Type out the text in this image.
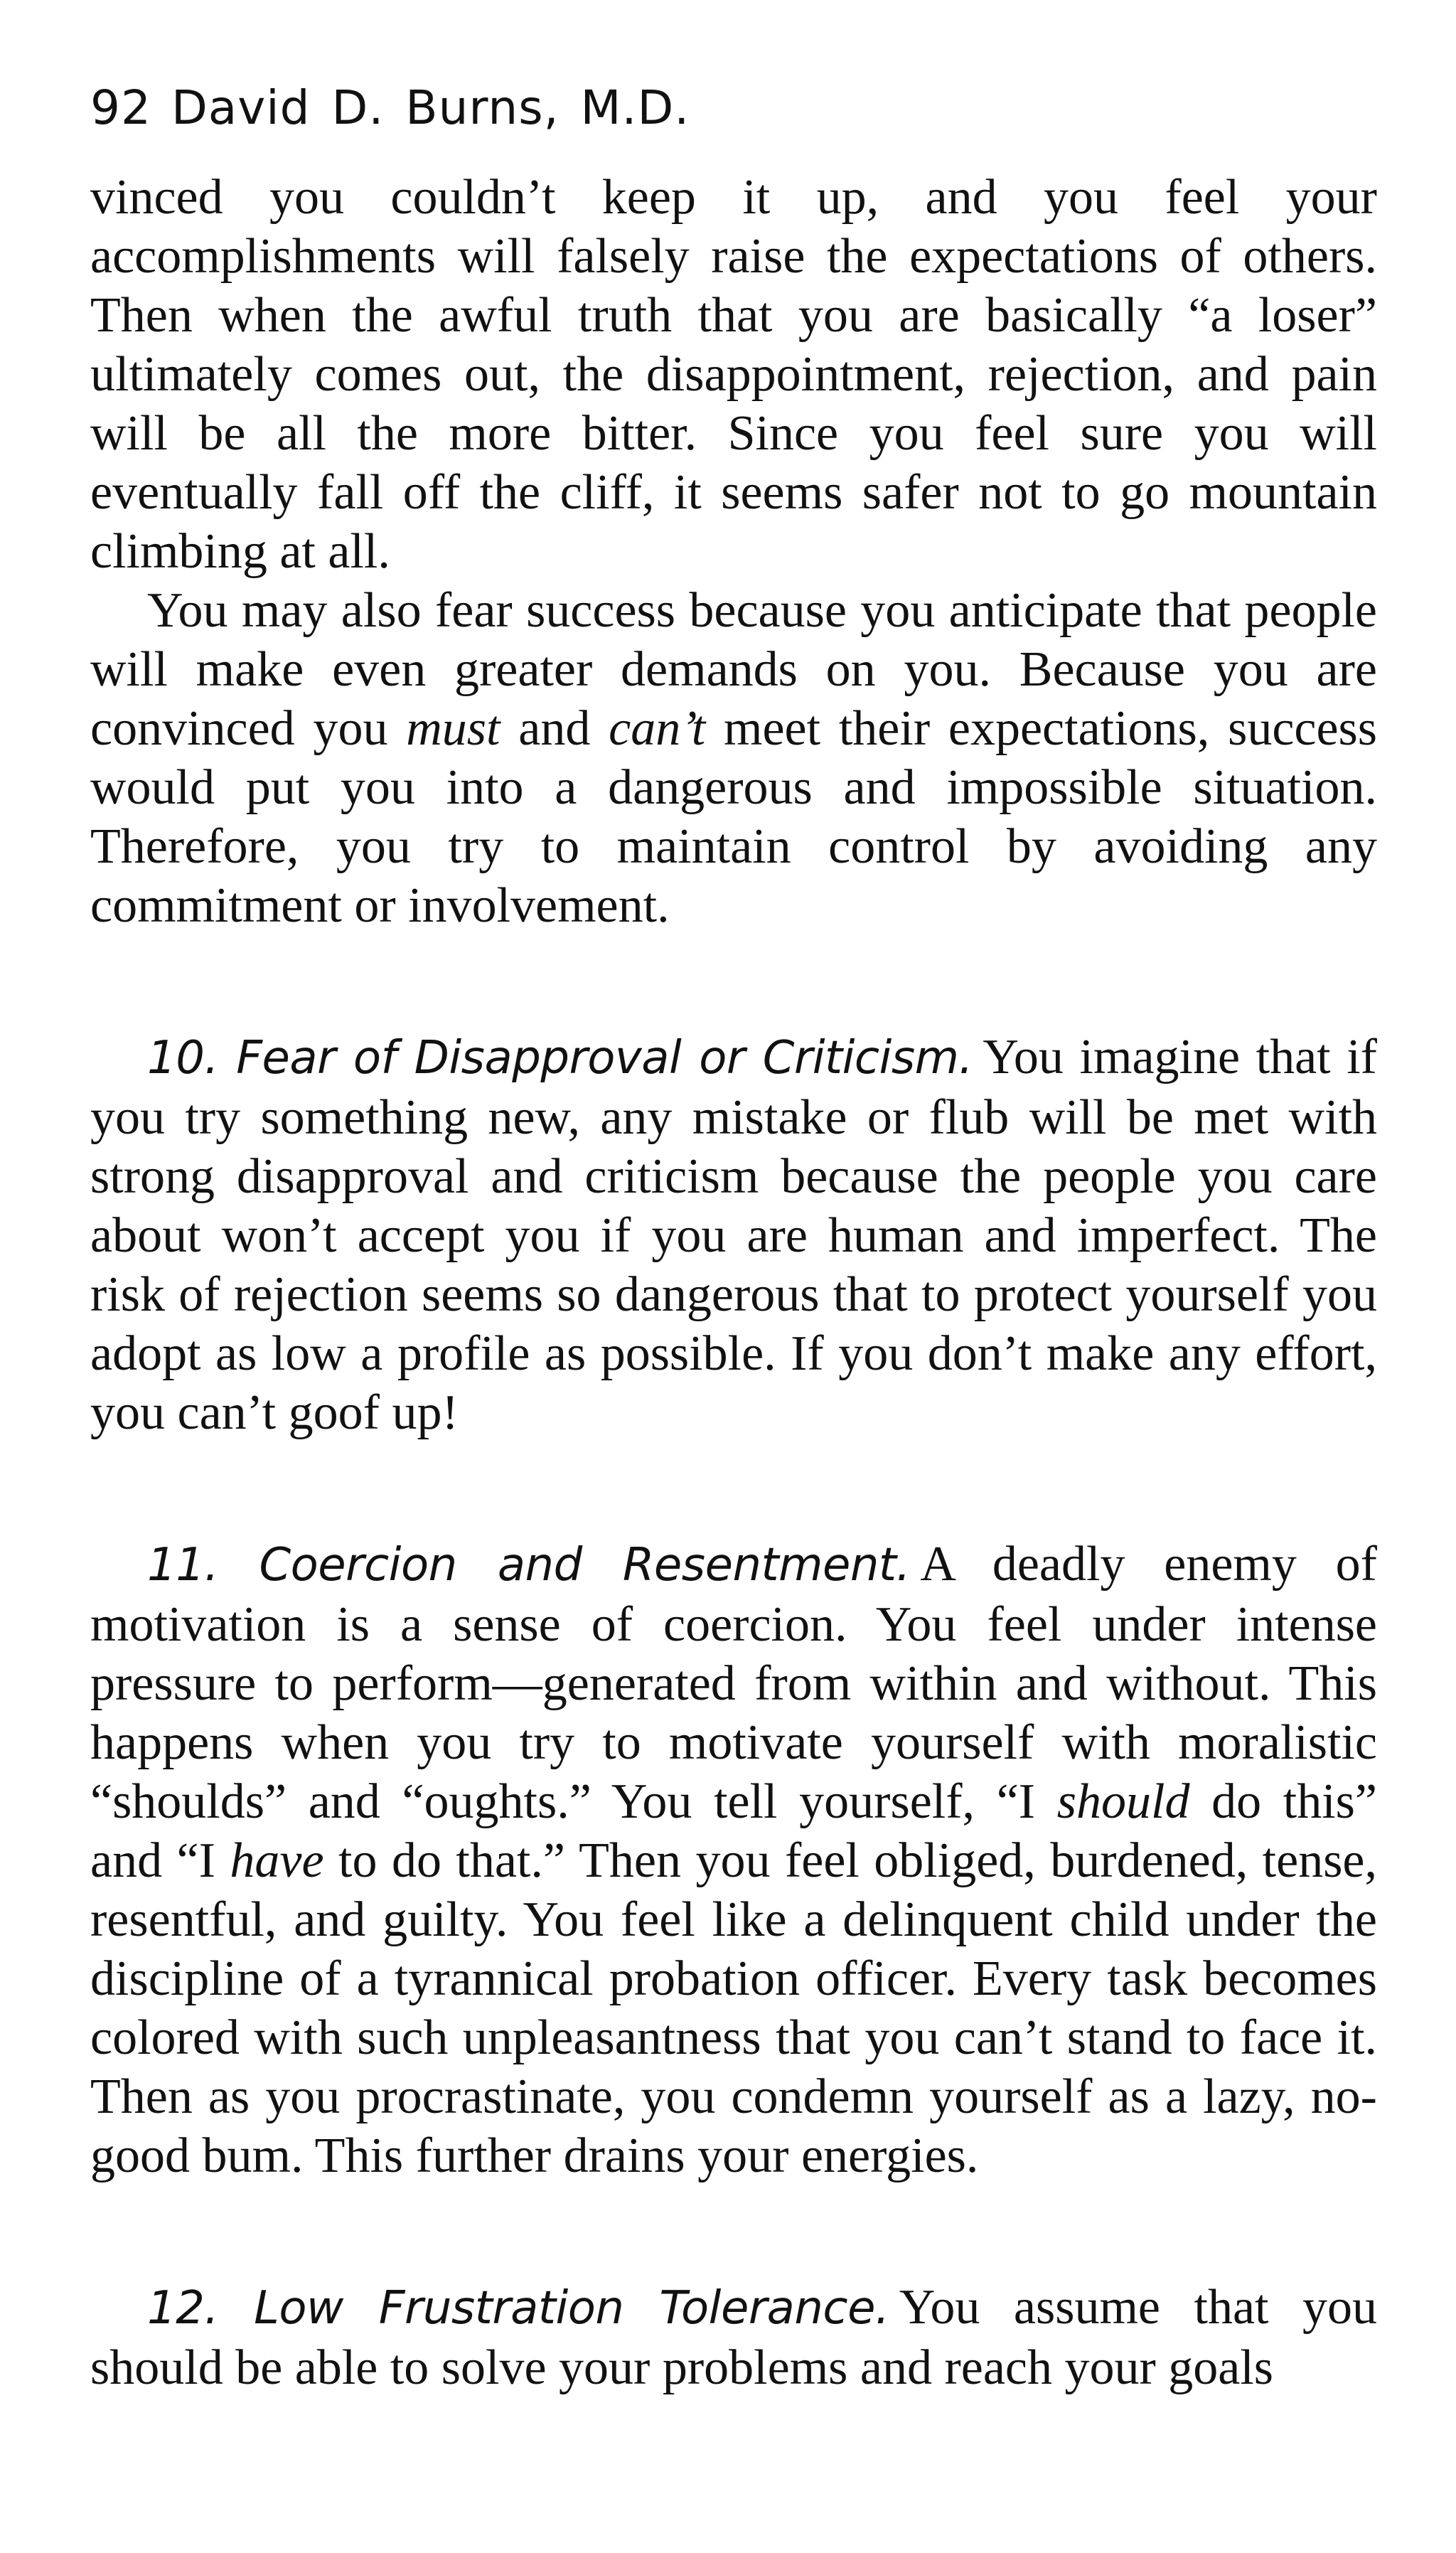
92 David D. Burns, M.D.

vinced you couldn’t keep it up, and you feel your accomplishments will falsely raise the expectations of others. Then when the awful truth that you are basically “a loser” ultimately comes out, the disappointment, rejection, and pain will be all the more bitter. Since you feel sure you will eventually fall off the cliff, it seems safer not to go mountain climbing at all.

You may also fear success because you anticipate that people will make even greater demands on you. Because you are convinced you must and can’t meet their expectations, success would put you into a dangerous and impossible situation. Therefore, you try to maintain control by avoiding any commitment or involvement.

10. Fear of Disapproval or Criticism. You imagine that if you try something new, any mistake or flub will be met with strong disapproval and criticism because the people you care about won’t accept you if you are human and imperfect. The risk of rejection seems so dangerous that to protect yourself you adopt as low a profile as possible. If you don’t make any effort, you can’t goof up!

11. Coercion and Resentment. A deadly enemy of motivation is a sense of coercion. You feel under intense pressure to perform—generated from within and without. This happens when you try to motivate yourself with moralistic “shoulds” and “oughts.” You tell yourself, “I should do this” and “I have to do that.” Then you feel obliged, burdened, tense, resentful, and guilty. You feel like a delinquent child under the discipline of a tyrannical probation officer. Every task becomes colored with such unpleasantness that you can’t stand to face it. Then as you procrastinate, you condemn yourself as a lazy, no-good bum. This further drains your energies.

12. Low Frustration Tolerance. You assume that you should be able to solve your problems and reach your goals
